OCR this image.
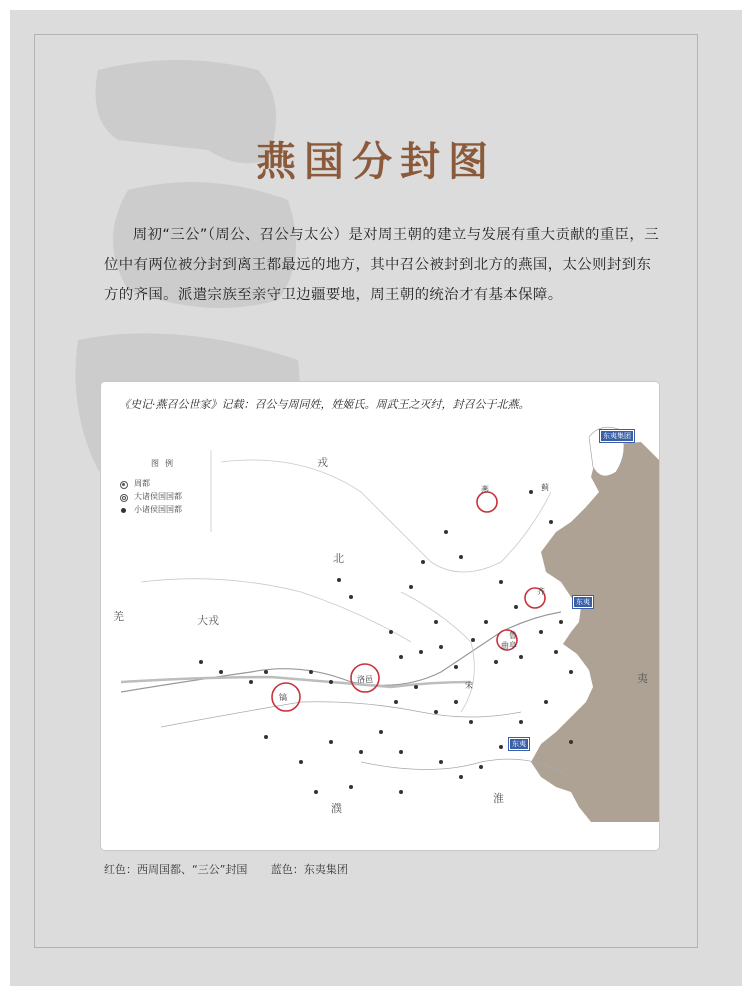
燕国分封图
周初“三公”（周公、召公与太公）是对周王朝的建立与发展有重大贡献的重臣，三位中有两位被分封到离王都最远的地方，其中召公被封到北方的燕国，太公则封到东方的齐国。派遣宗族至亲守卫边疆要地，周王朝的统治才有基本保障。
戎
北
羌	大戎
濮
夷
淮
燕
洛邑
镐
宋
齐
鲁
曲阜
蓟
东夷集团
东夷
东夷
《史记·燕召公世家》记载：召公与周同姓，姓姬氏。周武王之灭纣，封召公于北燕。
图例
周都
大诸侯国国都
小诸侯国国都
红色：西周国都、“三公”封国 蓝色：东夷集团
